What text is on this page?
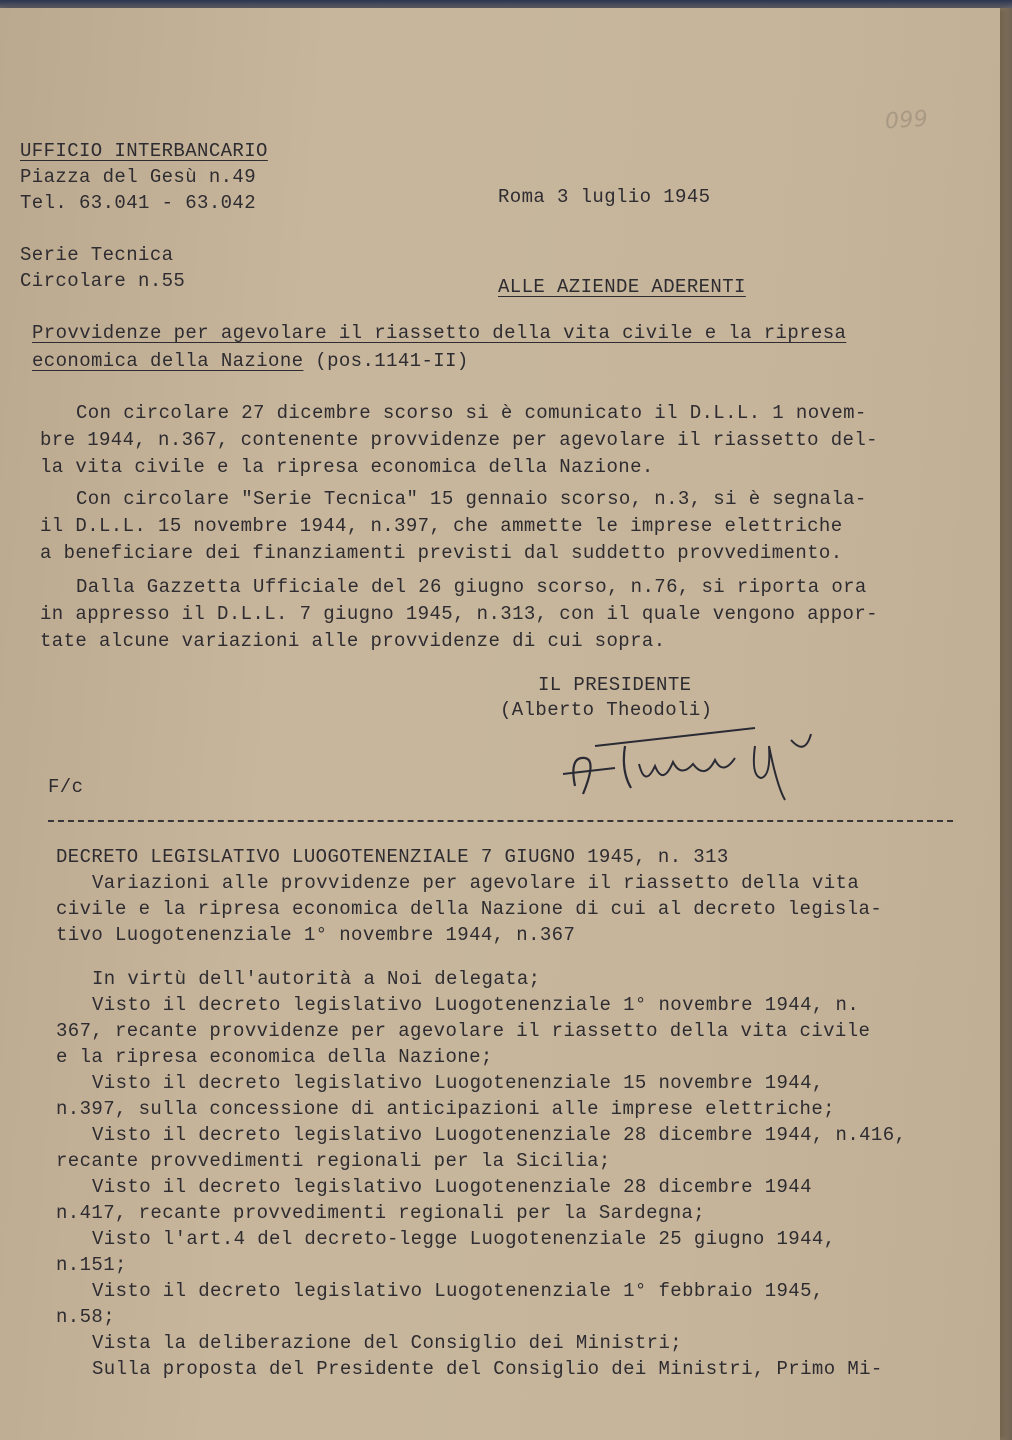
099
UFFICIO INTERBANCARIO
Piazza del Gesù n.49
Tel. 63.041 - 63.042	Roma 3 luglio 1945
Serie Tecnica
Circolare n.55	ALLE AZIENDE ADERENTI
Provvidenze per agevolare il riassetto della vita civile e la ripresa
economica della Nazione (pos.1141-II)
Con circolare 27 dicembre scorso si è comunicato il D.L.L. 1 novem-
bre 1944, n.367, contenente provvidenze per agevolare il riassetto del-
la vita civile e la ripresa economica della Nazione.
Con circolare "Serie Tecnica" 15 gennaio scorso, n.3, si è segnala-
il D.L.L. 15 novembre 1944, n.397, che ammette le imprese elettriche
a beneficiare dei finanziamenti previsti dal suddetto provvedimento.
Dalla Gazzetta Ufficiale del 26 giugno scorso, n.76, si riporta ora
in appresso il D.L.L. 7 giugno 1945, n.313, con il quale vengono appor-
tate alcune variazioni alle provvidenze di cui sopra.
IL PRESIDENTE
(Alberto Theodoli)
F/c
DECRETO LEGISLATIVO LUOGOTENENZIALE 7 GIUGNO 1945, n. 313
Variazioni alle provvidenze per agevolare il riassetto della vita
civile e la ripresa economica della Nazione di cui al decreto legisla-
tivo Luogotenenziale 1° novembre 1944, n.367
In virtù dell'autorità a Noi delegata;
Visto il decreto legislativo Luogotenenziale 1° novembre 1944, n.
367, recante provvidenze per agevolare il riassetto della vita civile
e la ripresa economica della Nazione;
Visto il decreto legislativo Luogotenenziale 15 novembre 1944,
n.397, sulla concessione di anticipazioni alle imprese elettriche;
Visto il decreto legislativo Luogotenenziale 28 dicembre 1944, n.416,
recante provvedimenti regionali per la Sicilia;
Visto il decreto legislativo Luogotenenziale 28 dicembre 1944
n.417, recante provvedimenti regionali per la Sardegna;
Visto l'art.4 del decreto-legge Luogotenenziale 25 giugno 1944,
n.151;
Visto il decreto legislativo Luogotenenziale 1° febbraio 1945,
n.58;
Vista la deliberazione del Consiglio dei Ministri;
Sulla proposta del Presidente del Consiglio dei Ministri, Primo Mi-
